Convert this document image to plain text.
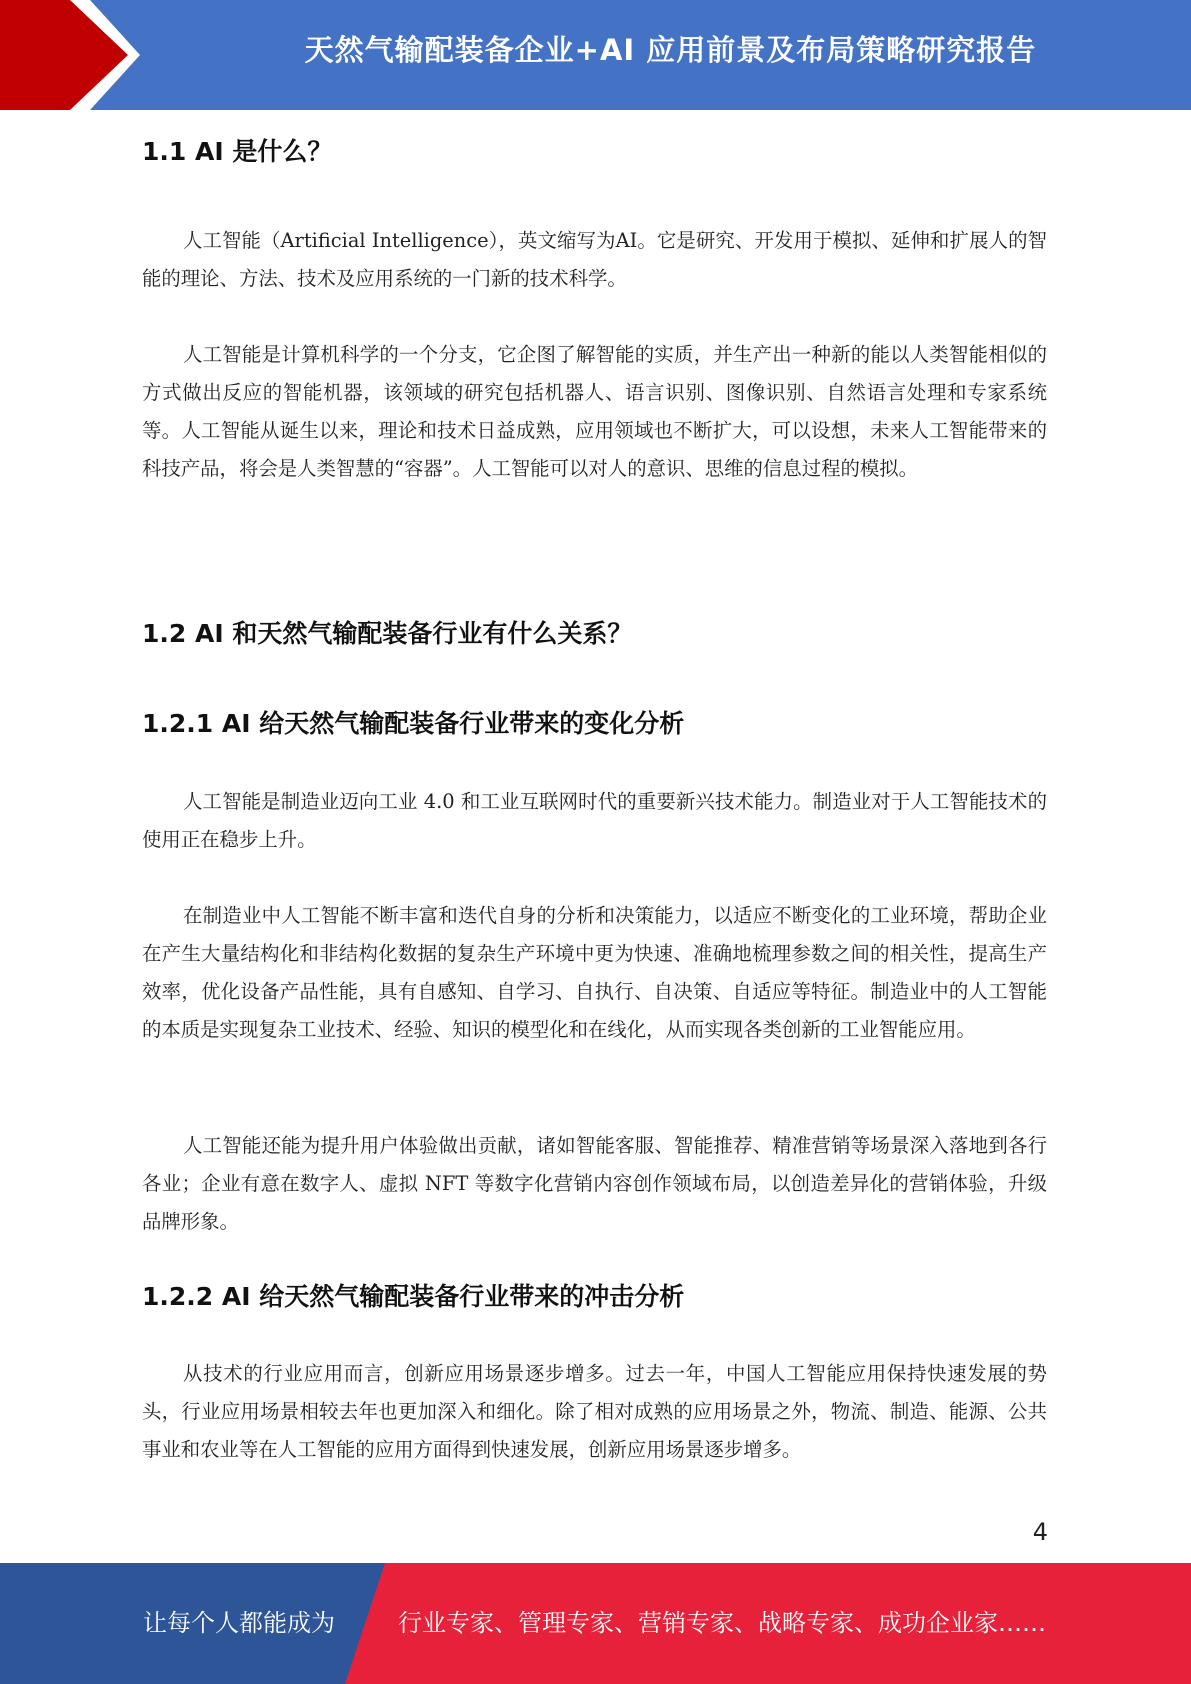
天然气输配装备企业+AI 应用前景及布局策略研究报告
1.1 AI 是什么？
人工智能（Artificial Intelligence），英文缩写为AI。它是研究、开发用于模拟、延伸和扩展人的智能的理论、方法、技术及应用系统的一门新的技术科学。
人工智能是计算机科学的一个分支，它企图了解智能的实质，并生产出一种新的能以人类智能相似的方式做出反应的智能机器，该领域的研究包括机器人、语言识别、图像识别、自然语言处理和专家系统等。人工智能从诞生以来，理论和技术日益成熟，应用领域也不断扩大，可以设想，未来人工智能带来的科技产品，将会是人类智慧的“容器”。人工智能可以对人的意识、思维的信息过程的模拟。
1.2 AI 和天然气输配装备行业有什么关系？
1.2.1 AI 给天然气输配装备行业带来的变化分析
人工智能是制造业迈向工业 4.0 和工业互联网时代的重要新兴技术能力。制造业对于人工智能技术的使用正在稳步上升。
在制造业中人工智能不断丰富和迭代自身的分析和决策能力，以适应不断变化的工业环境，帮助企业在产生大量结构化和非结构化数据的复杂生产环境中更为快速、准确地梳理参数之间的相关性，提高生产效率，优化设备产品性能，具有自感知、自学习、自执行、自决策、自适应等特征。制造业中的人工智能的本质是实现复杂工业技术、经验、知识的模型化和在线化，从而实现各类创新的工业智能应用。
人工智能还能为提升用户体验做出贡献，诸如智能客服、智能推荐、精准营销等场景深入落地到各行各业；企业有意在数字人、虚拟 NFT 等数字化营销内容创作领域布局，以创造差异化的营销体验，升级品牌形象。
1.2.2 AI 给天然气输配装备行业带来的冲击分析
从技术的行业应用而言，创新应用场景逐步增多。过去一年，中国人工智能应用保持快速发展的势头，行业应用场景相较去年也更加深入和细化。除了相对成熟的应用场景之外，物流、制造、能源、公共事业和农业等在人工智能的应用方面得到快速发展，创新应用场景逐步增多。
4
让每个人都能成为	行业专家、管理专家、营销专家、战略专家、成功企业家……
